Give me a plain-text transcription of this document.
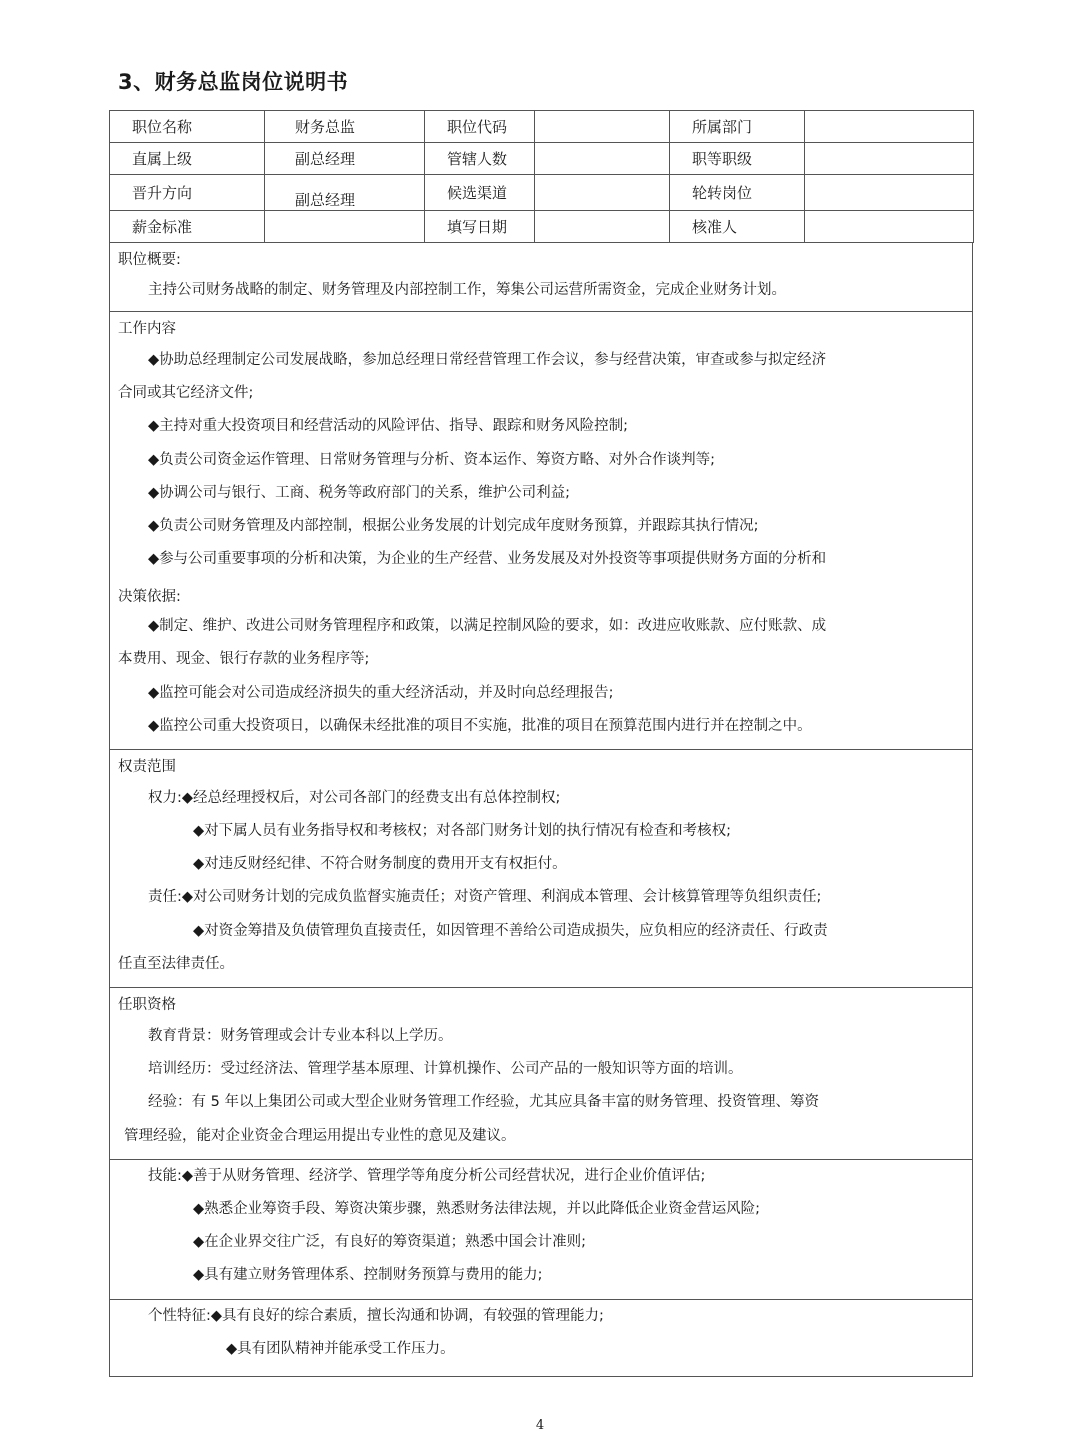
3、财务总监岗位说明书
职位名称	财务总监	职位代码		所属部门	
直属上级	副总经理	管辖人数		职等职级	
晋升方向	副总经理	候选渠道		轮转岗位	
薪金标准		填写日期		核准人	
职位概要:
主持公司财务战略的制定、财务管理及内部控制工作，筹集公司运营所需资金，完成企业财务计划。
工作内容
◆协助总经理制定公司发展战略，参加总经理日常经营管理工作会议，参与经营决策，审查或参与拟定经济
合同或其它经济文件;
◆主持对重大投资项目和经营活动的风险评估、指导、跟踪和财务风险控制;
◆负责公司资金运作管理、日常财务管理与分析、资本运作、筹资方略、对外合作谈判等;
◆协调公司与银行、工商、税务等政府部门的关系，维护公司利益;
◆负责公司财务管理及内部控制，根据公业务发展的计划完成年度财务预算，并跟踪其执行情况;
◆参与公司重要事项的分析和决策，为企业的生产经营、业务发展及对外投资等事项提供财务方面的分析和
决策依据:
◆制定、维护、改进公司财务管理程序和政策，以满足控制风险的要求，如：改进应收账款、应付账款、成
本费用、现金、银行存款的业务程序等;
◆监控可能会对公司造成经济损失的重大经济活动，并及时向总经理报告;
◆监控公司重大投资项日，以确保未经批准的项目不实施，批准的项目在预算范围内进行并在控制之中。
权责范围
权力:◆经总经理授权后，对公司各部门的经费支出有总体控制权;
◆对下属人员有业务指导权和考核权；对各部门财务计划的执行情况有检查和考核权;
◆对违反财经纪律、不符合财务制度的费用开支有权拒付。
责任:◆对公司财务计划的完成负监督实施责任；对资产管理、利润成本管理、会计核算管理等负组织责任;
◆对资金筹措及负债管理负直接责任，如因管理不善给公司造成损失，应负相应的经济责任、行政责
任直至法律责任。
任职资格
教育背景：财务管理或会计专业本科以上学历。
培训经历：受过经济法、管理学基本原理、计算机操作、公司产品的一般知识等方面的培训。
经验：有 5 年以上集团公司或大型企业财务管理工作经验，尤其应具备丰富的财务管理、投资管理、筹资
管理经验，能对企业资金合理运用提出专业性的意见及建议。
技能:◆善于从财务管理、经济学、管理学等角度分析公司经营状况，进行企业价值评估;
◆熟悉企业筹资手段、筹资决策步骤，熟悉财务法律法规，并以此降低企业资金营运风险;
◆在企业界交往广泛，有良好的筹资渠道；熟悉中国会计准则;
◆具有建立财务管理体系、控制财务预算与费用的能力;
个性特征:◆具有良好的综合素质，擅长沟通和协调，有较强的管理能力;
◆具有团队精神并能承受工作压力。

4
